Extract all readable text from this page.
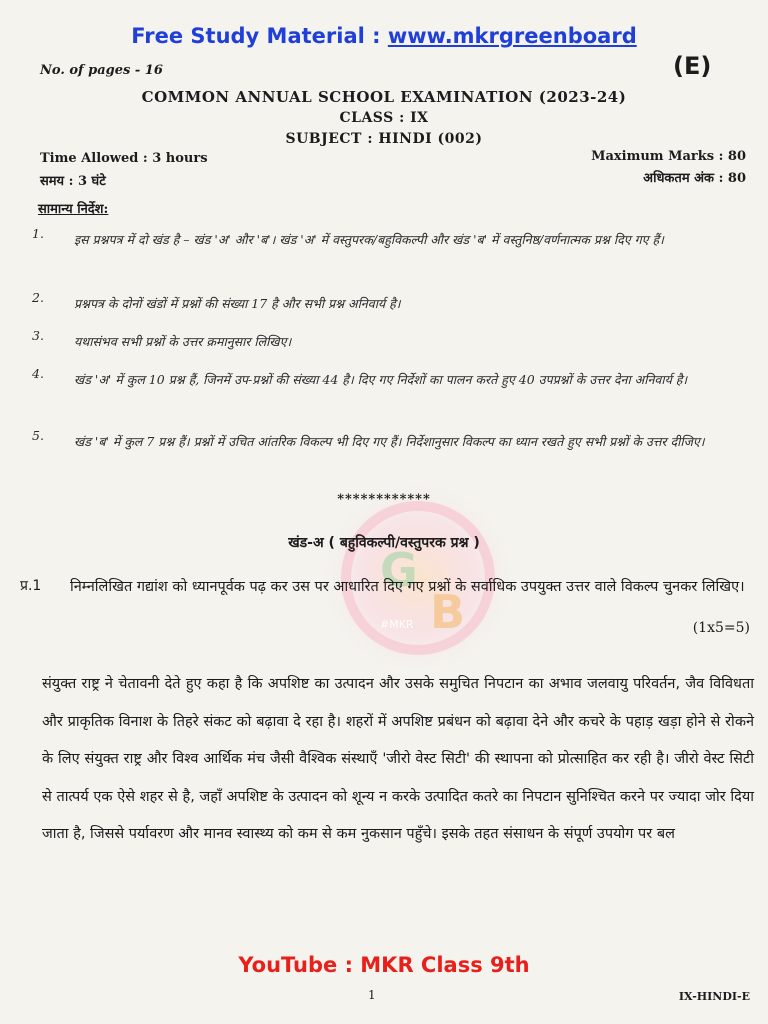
Free Study Material : www.mkrgreenboard
G
B
#MKR
No. of pages - 16	(E)
COMMON ANNUAL SCHOOL EXAMINATION (2023-24)
CLASS : IX
SUBJECT : HINDI (002)
Time Allowed : 3 hours
समय : 3 घंटे
Maximum Marks : 80
अधिकतम अंक : 80
सामान्य निर्देश:
1. इस प्रश्नपत्र में दो खंड है – खंड 'अ' और 'ब'। खंड 'अ' में वस्तुपरक/बहुविकल्पी और खंड 'ब' में वस्तुनिष्ठ/वर्णनात्मक प्रश्न दिए गए हैं।
2. प्रश्नपत्र के दोनों खंडों में प्रश्नों की संख्या 17 है और सभी प्रश्न अनिवार्य है।
3. यथासंभव सभी प्रश्नों के उत्तर क्रमानुसार लिखिए।
4. खंड 'अ' में कुल 10 प्रश्न हैं, जिनमें उप-प्रश्नों की संख्या 44 है। दिए गए निर्देशों का पालन करते हुए 40 उपप्रश्नों के उत्तर देना अनिवार्य है।
5. खंड 'ब' में कुल 7 प्रश्न हैं। प्रश्नों में उचित आंतरिक विकल्प भी दिए गए हैं। निर्देशानुसार विकल्प का ध्यान रखते हुए सभी प्रश्नों के उत्तर दीजिए।
************
खंड-अ ( बहुविकल्पी/वस्तुपरक प्रश्न )
प्र.1 निम्नलिखित गद्यांश को ध्यानपूर्वक पढ़ कर उस पर आधारित दिए गए प्रश्नों के सर्वाधिक उपयुक्त उत्तर वाले विकल्प चुनकर लिखिए।
(1x5=5)
संयुक्त राष्ट्र ने चेतावनी देते हुए कहा है कि अपशिष्ट का उत्पादन और उसके समुचित निपटान का अभाव जलवायु परिवर्तन, जैव विविधता और प्राकृतिक विनाश के तिहरे संकट को बढ़ावा दे रहा है। शहरों में अपशिष्ट प्रबंधन को बढ़ावा देने और कचरे के पहाड़ खड़ा होने से रोकने के लिए संयुक्त राष्ट्र और विश्व आर्थिक मंच जैसी वैश्विक संस्थाएँ 'जीरो वेस्ट सिटी' की स्थापना को प्रोत्साहित कर रही है। जीरो वेस्ट सिटी से तात्पर्य एक ऐसे शहर से है, जहाँ अपशिष्ट के उत्पादन को शून्य न करके उत्पादित कतरे का निपटान सुनिश्चित करने पर ज्यादा जोर दिया जाता है, जिससे पर्यावरण और मानव स्वास्थ्य को कम से कम नुकसान पहुँचे। इसके तहत संसाधन के संपूर्ण उपयोग पर बल
YouTube : MKR Class 9th
1	IX-HINDI-E
